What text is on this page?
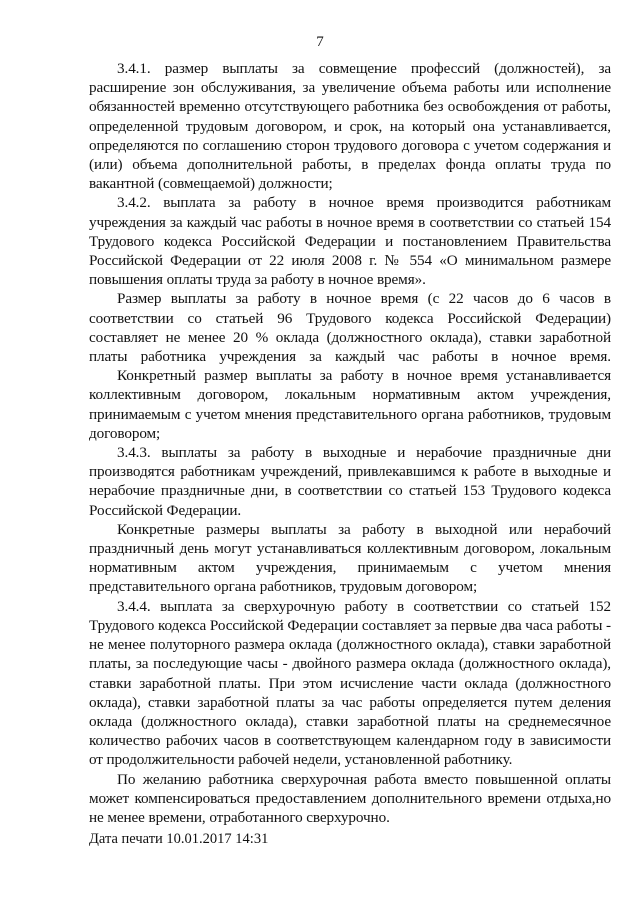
7

3.4.1. размер выплаты за совмещение профессий (должностей), за расширение зон обслуживания, за увеличение объема работы или исполнение обязанностей временно отсутствующего работника без освобождения от работы, определенной трудовым договором, и срок, на который она устанавливается, определяются по соглашению сторон трудового договора с учетом содержания и (или) объема дополнительной работы, в пределах фонда оплаты труда по вакантной (совмещаемой) должности;

3.4.2. выплата за работу в ночное время производится работникам учреждения за каждый час работы в ночное время в соответствии со статьей 154 Трудового кодекса Российской Федерации и постановлением Правительства Российской Федерации от 22 июля 2008 г. № 554 «О минимальном размере повышения оплаты труда за работу в ночное время».

Размер выплаты за работу в ночное время (с 22 часов до 6 часов в соответствии со статьей 96 Трудового кодекса Российской Федерации) составляет не менее 20 % оклада (должностного оклада), ставки заработной платы работника учреждения за каждый час работы в ночное время.

Конкретный размер выплаты за работу в ночное время устанавливается коллективным договором, локальным нормативным актом учреждения, принимаемым с учетом мнения представительного органа работников, трудовым договором;

3.4.3. выплаты за работу в выходные и нерабочие праздничные дни производятся работникам учреждений, привлекавшимся к работе в выходные и нерабочие праздничные дни, в соответствии со статьей 153 Трудового кодекса Российской Федерации.

Конкретные размеры выплаты за работу в выходной или нерабочий праздничный день могут устанавливаться коллективным договором, локальным нормативным актом учреждения, принимаемым с учетом мнения представительного органа работников, трудовым договором;

3.4.4. выплата за сверхурочную работу в соответствии со статьей 152 Трудового кодекса Российской Федерации составляет за первые два часа работы - не менее полуторного размера оклада (должностного оклада), ставки заработной платы, за последующие часы - двойного размера оклада (должностного оклада), ставки заработной платы. При этом исчисление части оклада (должностного оклада), ставки заработной платы за час работы определяется путем деления оклада (должностного оклада), ставки заработной платы на среднемесячное количество рабочих часов в соответствующем календарном году в зависимости от продолжительности рабочей недели, установленной работнику.

По желанию работника сверхурочная работа вместо повышенной оплаты может компенсироваться предоставлением дополнительного времени отдыха,но не менее времени, отработанного сверхурочно.

Дата печати 10.01.2017 14:31
